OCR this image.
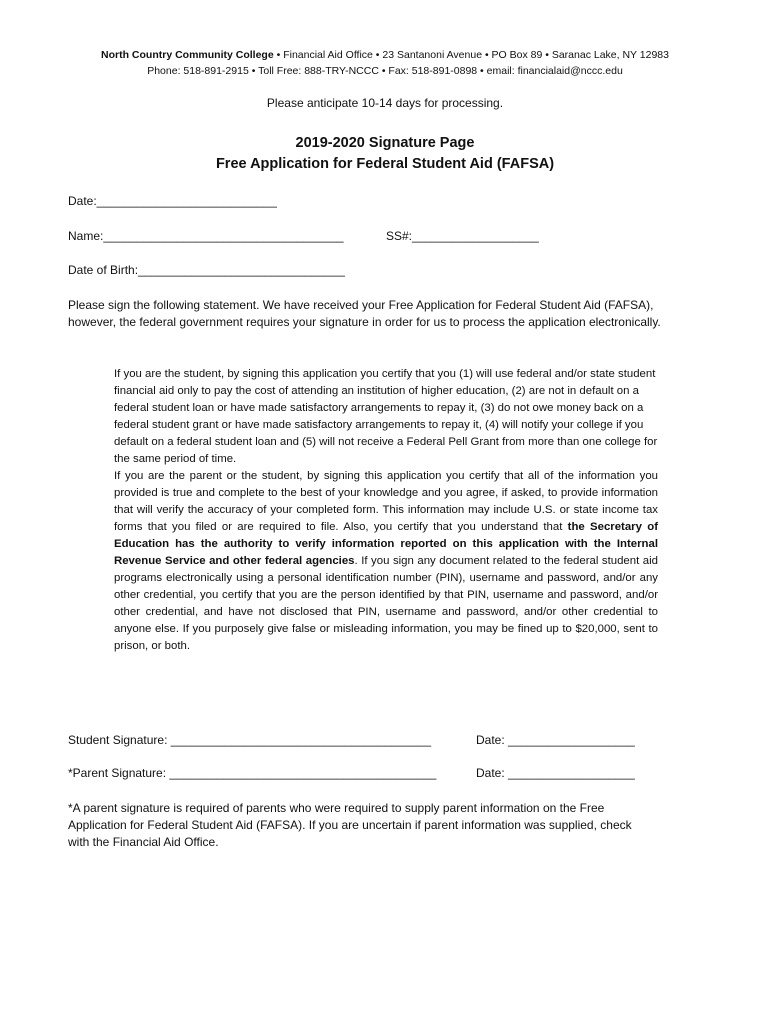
North Country Community College • Financial Aid Office • 23 Santanoni Avenue • PO Box 89 • Saranac Lake, NY 12983
Phone: 518-891-2915 • Toll Free: 888-TRY-NCCC • Fax: 518-891-0898 • email: financialaid@nccc.edu
Please anticipate 10-14 days for processing.
2019-2020 Signature Page
Free Application for Federal Student Aid (FAFSA)
Date:___________________________
Name:____________________________________	SS#:___________________
Date of Birth:_______________________________
Please sign the following statement. We have received your Free Application for Federal Student Aid (FAFSA), however, the federal government requires your signature in order for us to process the application electronically.
If you are the student, by signing this application you certify that you (1) will use federal and/or state student financial aid only to pay the cost of attending an institution of higher education, (2) are not in default on a federal student loan or have made satisfactory arrangements to repay it, (3) do not owe money back on a federal student grant or have made satisfactory arrangements to repay it, (4) will notify your college if you default on a federal student loan and (5) will not receive a Federal Pell Grant from more than one college for the same period of time.
If you are the parent or the student, by signing this application you certify that all of the information you provided is true and complete to the best of your knowledge and you agree, if asked, to provide information that will verify the accuracy of your completed form. This information may include U.S. or state income tax forms that you filed or are required to file. Also, you certify that you understand that the Secretary of Education has the authority to verify information reported on this application with the Internal Revenue Service and other federal agencies. If you sign any document related to the federal student aid programs electronically using a personal identification number (PIN), username and password, and/or any other credential, you certify that you are the person identified by that PIN, username and password, and/or other credential, and have not disclosed that PIN, username and password, and/or other credential to anyone else. If you purposely give false or misleading information, you may be fined up to $20,000, sent to prison, or both.
Student Signature: _______________________________________	Date: ___________________
*Parent Signature: ________________________________________	Date: ___________________
*A parent signature is required of parents who were required to supply parent information on the Free Application for Federal Student Aid (FAFSA). If you are uncertain if parent information was supplied, check with the Financial Aid Office.
